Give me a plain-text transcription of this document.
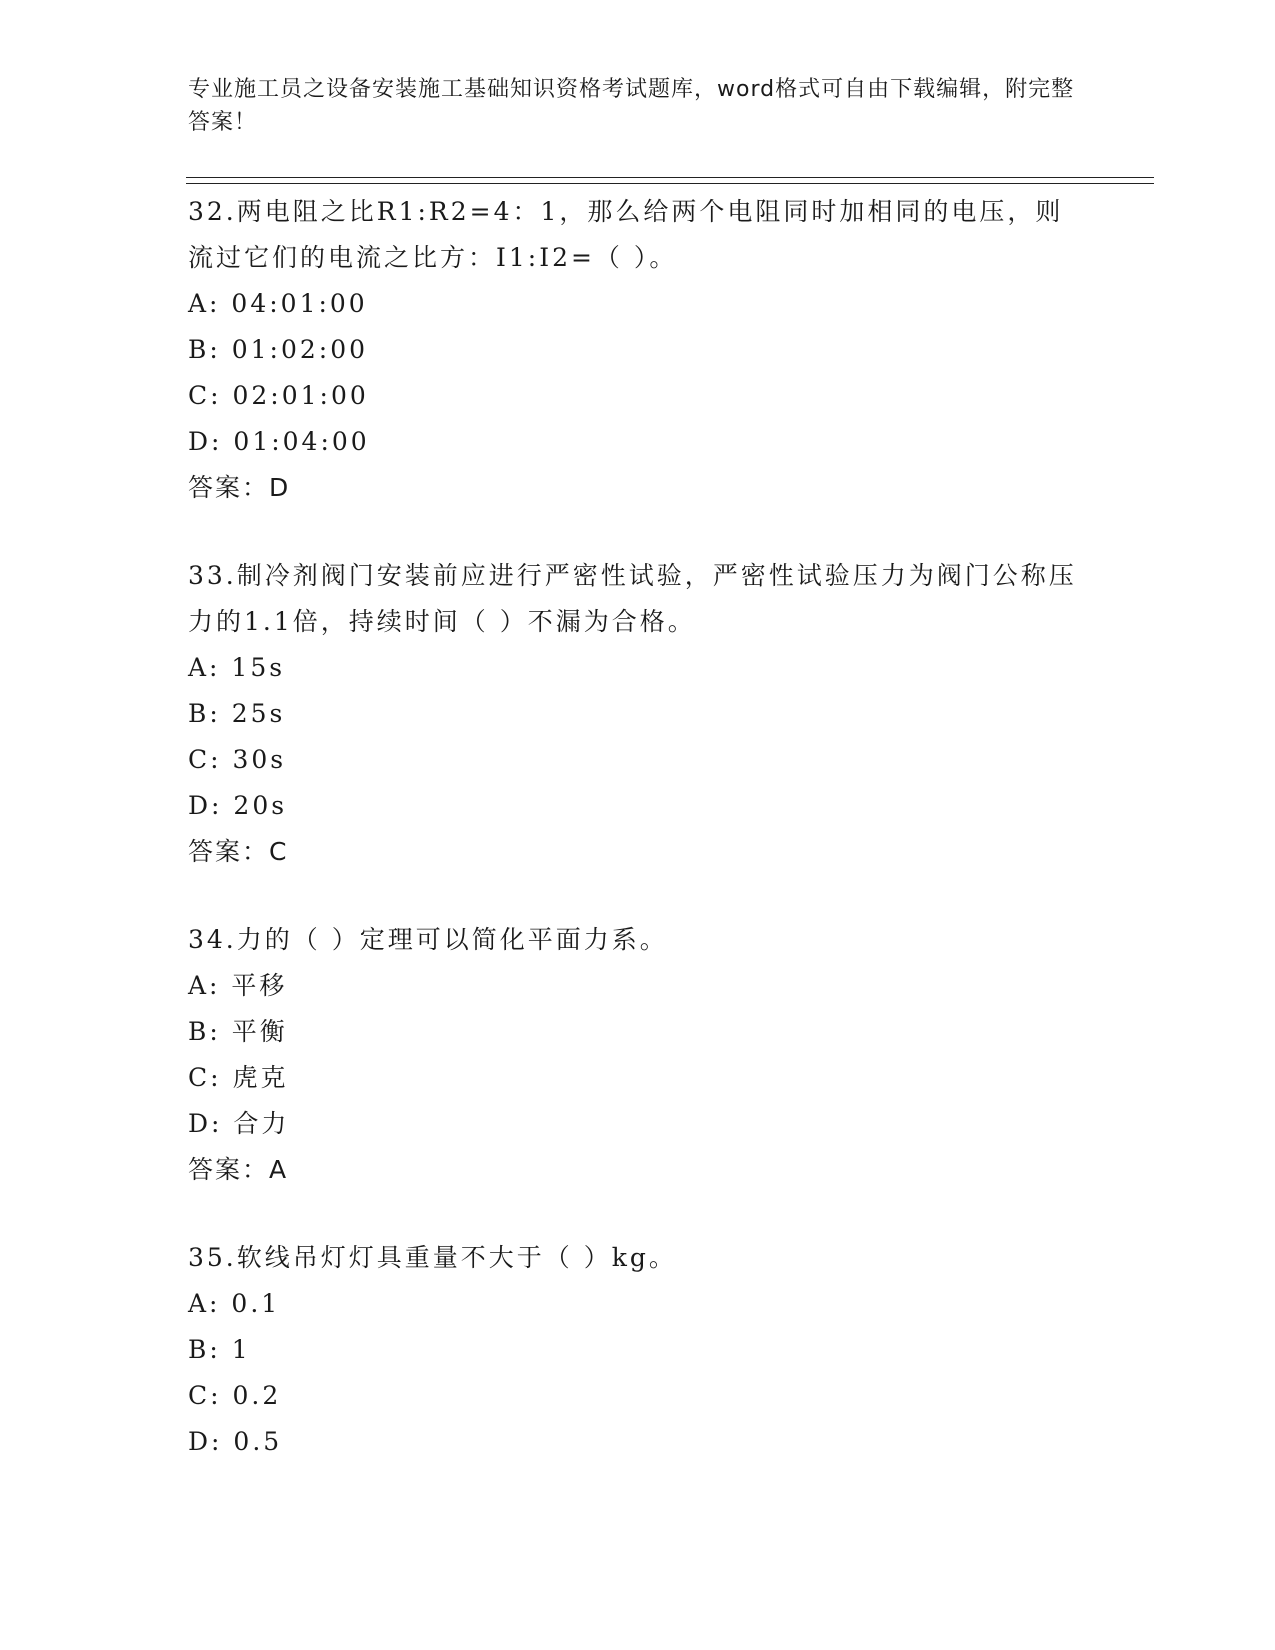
专业施工员之设备安装施工基础知识资格考试题库，word格式可自由下载编辑，附完整答案！
32.两电阻之比R1:R2=4：1，那么给两个电阻同时加相同的电压，则流过它们的电流之比方：I1:I2=（ ）。
A: 04:01:00
B: 01:02:00
C: 02:01:00
D: 01:04:00
答案：D
33.制冷剂阀门安装前应进行严密性试验，严密性试验压力为阀门公称压力的1.1倍，持续时间（ ）不漏为合格。
A: 15s
B: 25s
C: 30s
D: 20s
答案：C
34.力的（ ）定理可以简化平面力系。
A: 平移
B: 平衡
C: 虎克
D: 合力
答案：A
35.软线吊灯灯具重量不大于（ ）kg。
A: 0.1
B: 1
C: 0.2
D: 0.5
